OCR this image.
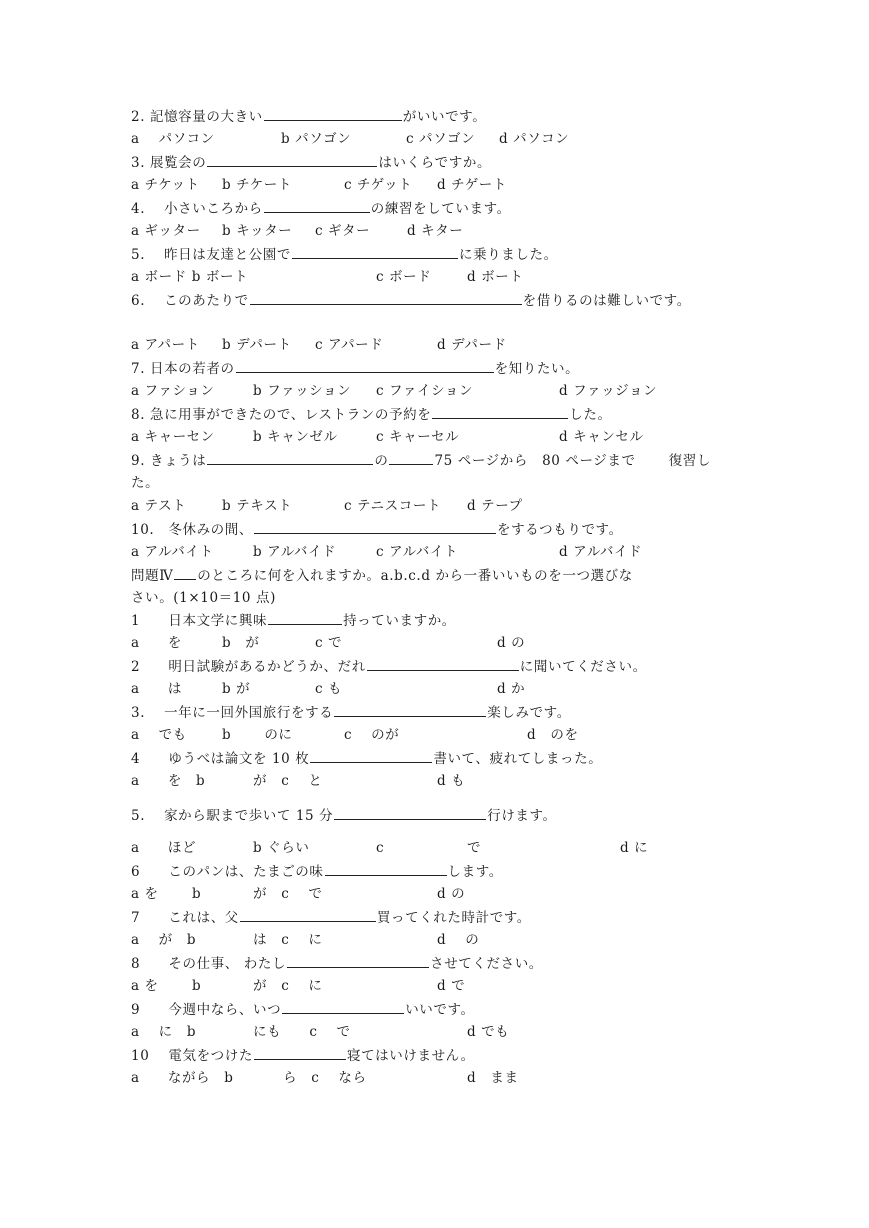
2. 記憶容量の大きい	がいいです。
a　 パソコン	b パソゴン	c パソゴン d パソコン
3. 展覧会の	はいくらですか。
a チケット b チケート	c チゲット d チゲート
4.　 小さいころから	の練習をしています。
a ギッター b キッター c ギター	d キター
5.　 昨日は友達と公園で	に乗りました。
a ボード b ボート	c ボード	d ボート
6.　 このあたりで	を借りるのは難しいです。
a アパート b デパート c アパード	d デパード
7. 日本の若者の	を知りたい。
a ファション	b ファッション c ファイション	d ファッジョン
8. 急に用事ができたので、レストランの予約を	した。
a キャーセン	b キャンゼル	c キャーセル	d キャンセル
9. きょうは	の	75 ページから　80 ページまで　　 復習し
た。
a テスト	b テキスト	c テニスコート d テープ
10.　冬休みの間、	をするつもりです。
a アルバイト	b アルバイド	c アルバイト	d アルバイド
問題Ⅳ のところに何を入れますか。a.b.c.d から一番いいものを一つ選びな
さい。(1×10＝10 点)
1　　日本文学に興味	持っていますか。
a　　を	b　が	c で	d の
2　　明日試験があるかどうか、だれ	に聞いてください。
a　　は	b が	c も	d か
3.　 一年に一回外国旅行をする	楽しみです。
a　 でも	b　　 のに	c　 のが	d　のを
4　　ゆうべは論文を 10 枚	書いて、疲れてしまった。
a　　を　b	が　c　 と	d も
5.　 家から駅まで歩いて 15 分	行けます。
a　　ほど	b ぐらい	c	で	d に
6　　このパンは、たまごの味	します。
a を b	が　c　 で	d の
7　　これは、父	買ってくれた時計です。
a　 が　b	は　c　 に	d　 の
8　　その仕事、 わたし	させてください。
a を b	が　c　 に	d で
9　　今週中なら、いつ	いいです。
a　 に　b	にも　　c　 で	d でも
10　 電気をつけた	寝てはいけません。
a　　ながら　b	ら　c　 なら	d　まま
